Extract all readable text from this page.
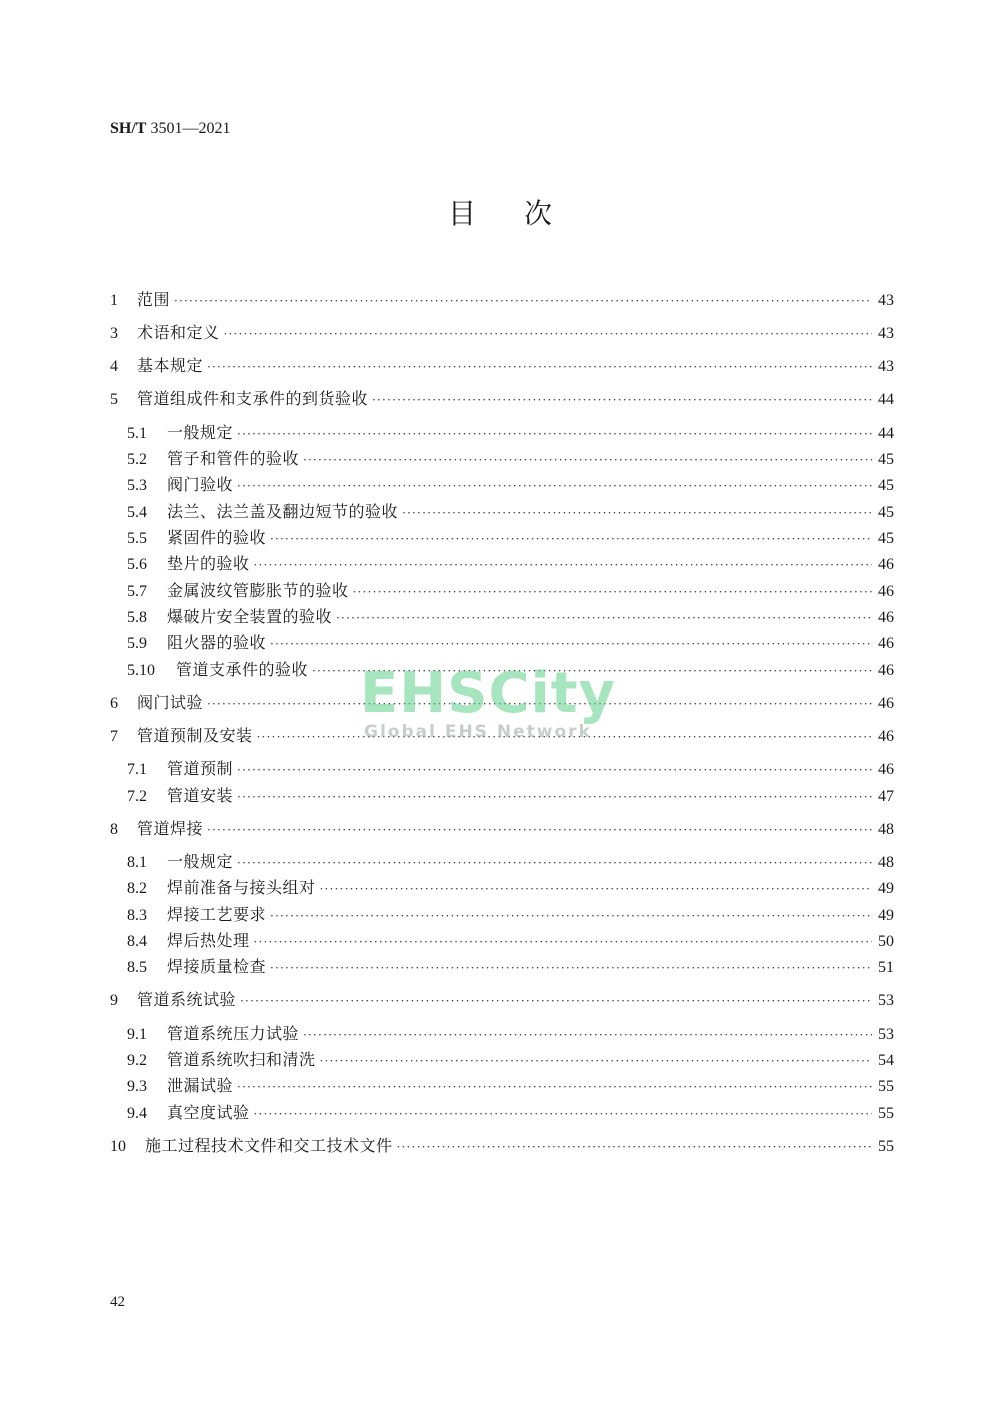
SH/T 3501—2021
目次
1	范围 ·····	43
3	术语和定义 ·····	43
4	基本规定 ·····	43
5	管道组成件和支承件的到货验收 ·····	44
5.1	一般规定 ·····	44
5.2	管子和管件的验收 ·····	45
5.3	阀门验收 ·····	45
5.4	法兰、法兰盖及翻边短节的验收 ·····	45
5.5	紧固件的验收 ·····	45
5.6	垫片的验收 ·····	46
5.7	金属波纹管膨胀节的验收 ·····	46
5.8	爆破片安全装置的验收 ·····	46
5.9	阻火器的验收 ·····	46
5.10	管道支承件的验收 ·····	46
6	阀门试验 ·····	46
7	管道预制及安装 ·····	46
7.1	管道预制 ·····	46
7.2	管道安装 ·····	47
8	管道焊接 ·····	48
8.1	一般规定 ·····	48
8.2	焊前准备与接头组对 ·····	49
8.3	焊接工艺要求 ·····	49
8.4	焊后热处理 ·····	50
8.5	焊接质量检查 ·····	51
9	管道系统试验 ·····	53
9.1	管道系统压力试验 ·····	53
9.2	管道系统吹扫和清洗 ·····	54
9.3	泄漏试验 ·····	55
9.4	真空度试验 ·····	55
10	施工过程技术文件和交工技术文件 ·····	55
EHSCity
Global EHS Network
42
